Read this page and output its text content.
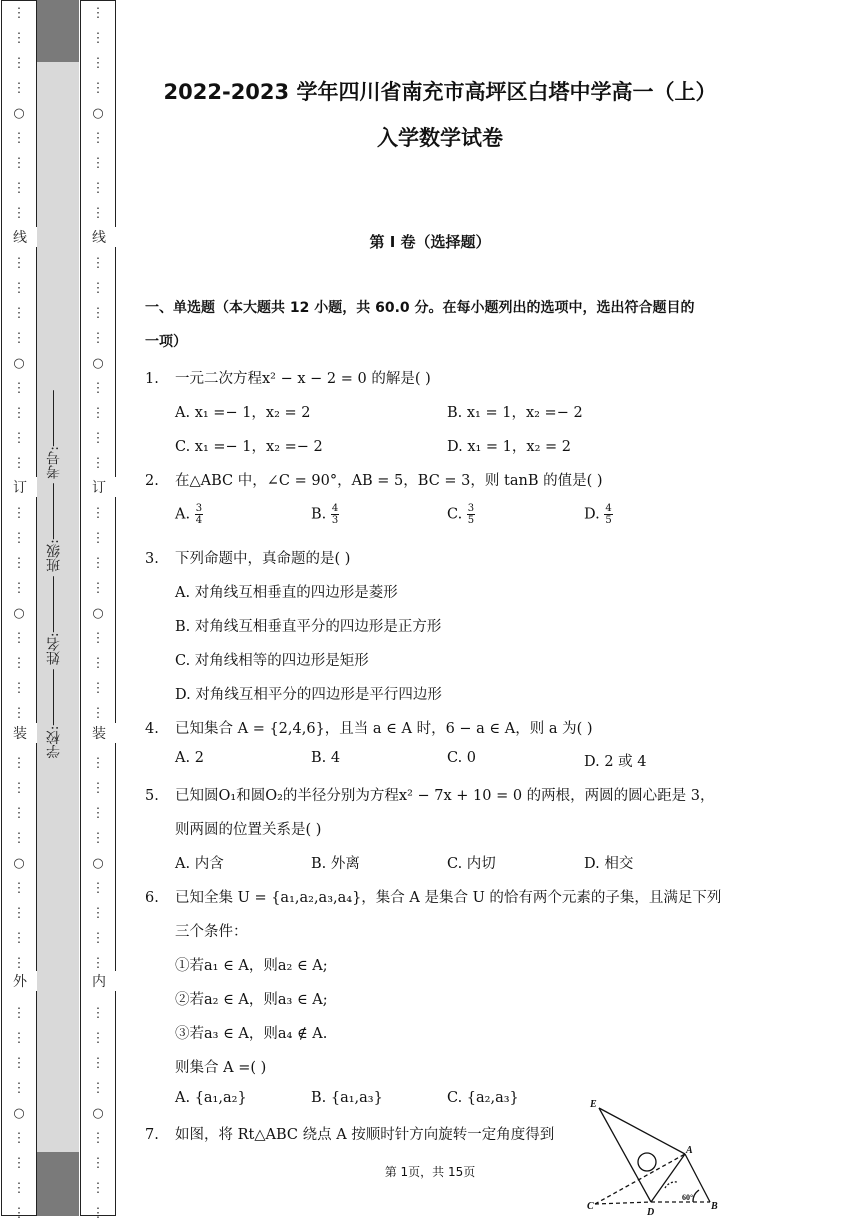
⋮
⋮
⋮
⋮
○
⋮
⋮
⋮
⋮

⋮
⋮
⋮
⋮
○
⋮
⋮
⋮
⋮

⋮
⋮
⋮
⋮
○
⋮
⋮
⋮
⋮

⋮
⋮
⋮
⋮
○
⋮
⋮
⋮
⋮

⋮
⋮
⋮
⋮
○
⋮
⋮
⋮
⋮
线
订
装
外
学校: 姓名: 班级: 考号:
⋮
⋮
⋮
⋮
○
⋮
⋮
⋮
⋮

⋮
⋮
⋮
⋮
○
⋮
⋮
⋮
⋮

⋮
⋮
⋮
⋮
○
⋮
⋮
⋮
⋮

⋮
⋮
⋮
⋮
○
⋮
⋮
⋮
⋮

⋮
⋮
⋮
⋮
○
⋮
⋮
⋮
⋮
线
订
装
内
2022-2023 学年四川省南充市高坪区白塔中学高一（上）
入学数学试卷
第 I 卷（选择题）
一、单选题（本大题共 12 小题，共 60.0 分。在每小题列出的选项中，选出符合题目的
一项）
1. 一元二次方程x² − x − 2 = 0 的解是( )
A. x₁ =− 1，x₂ = 2	B. x₁ = 1，x₂ =− 2
C. x₁ =− 1，x₂ =− 2	D. x₁ = 1，x₂ = 2
2. 在△ABC 中，∠C = 90°，AB = 5，BC = 3，则 tanB 的值是( )
A. $\frac{3}{4}$	B. $\frac{4}{3}$	C. $\frac{3}{5}$	D. $\frac{4}{5}$
3. 下列命题中，真命题的是( )
A. 对角线互相垂直的四边形是菱形
B. 对角线互相垂直平分的四边形是正方形
C. 对角线相等的四边形是矩形
D. 对角线互相平分的四边形是平行四边形
4. 已知集合 A = {2,4,6}，且当 a ∈ A 时，6 − a ∈ A，则 a 为( )
A. 2	B. 4	C. 0	D. 2 或 4
5. 已知圆O₁和圆O₂的半径分别为方程x² − 7x + 10 = 0 的两根，两圆的圆心距是 3，
则两圆的位置关系是( )
A. 内含	B. 外离	C. 内切	D. 相交
6. 已知全集 U = {a₁,a₂,a₃,a₄}，集合 A 是集合 U 的恰有两个元素的子集，且满足下列
三个条件：
①若a₁ ∈ A，则a₂ ∈ A;
②若a₂ ∈ A，则a₃ ∈ A;
③若a₃ ∈ A，则a₄ ∉ A.
则集合 A =( )
A. {a₁,a₂}	B. {a₁,a₃}	C. {a₂,a₃}
7. 如图，将 Rt△ABC 绕点 A 按顺时针方向旋转一定角度得到
E
A
C
D
B
60°
第 1页，共 15页
